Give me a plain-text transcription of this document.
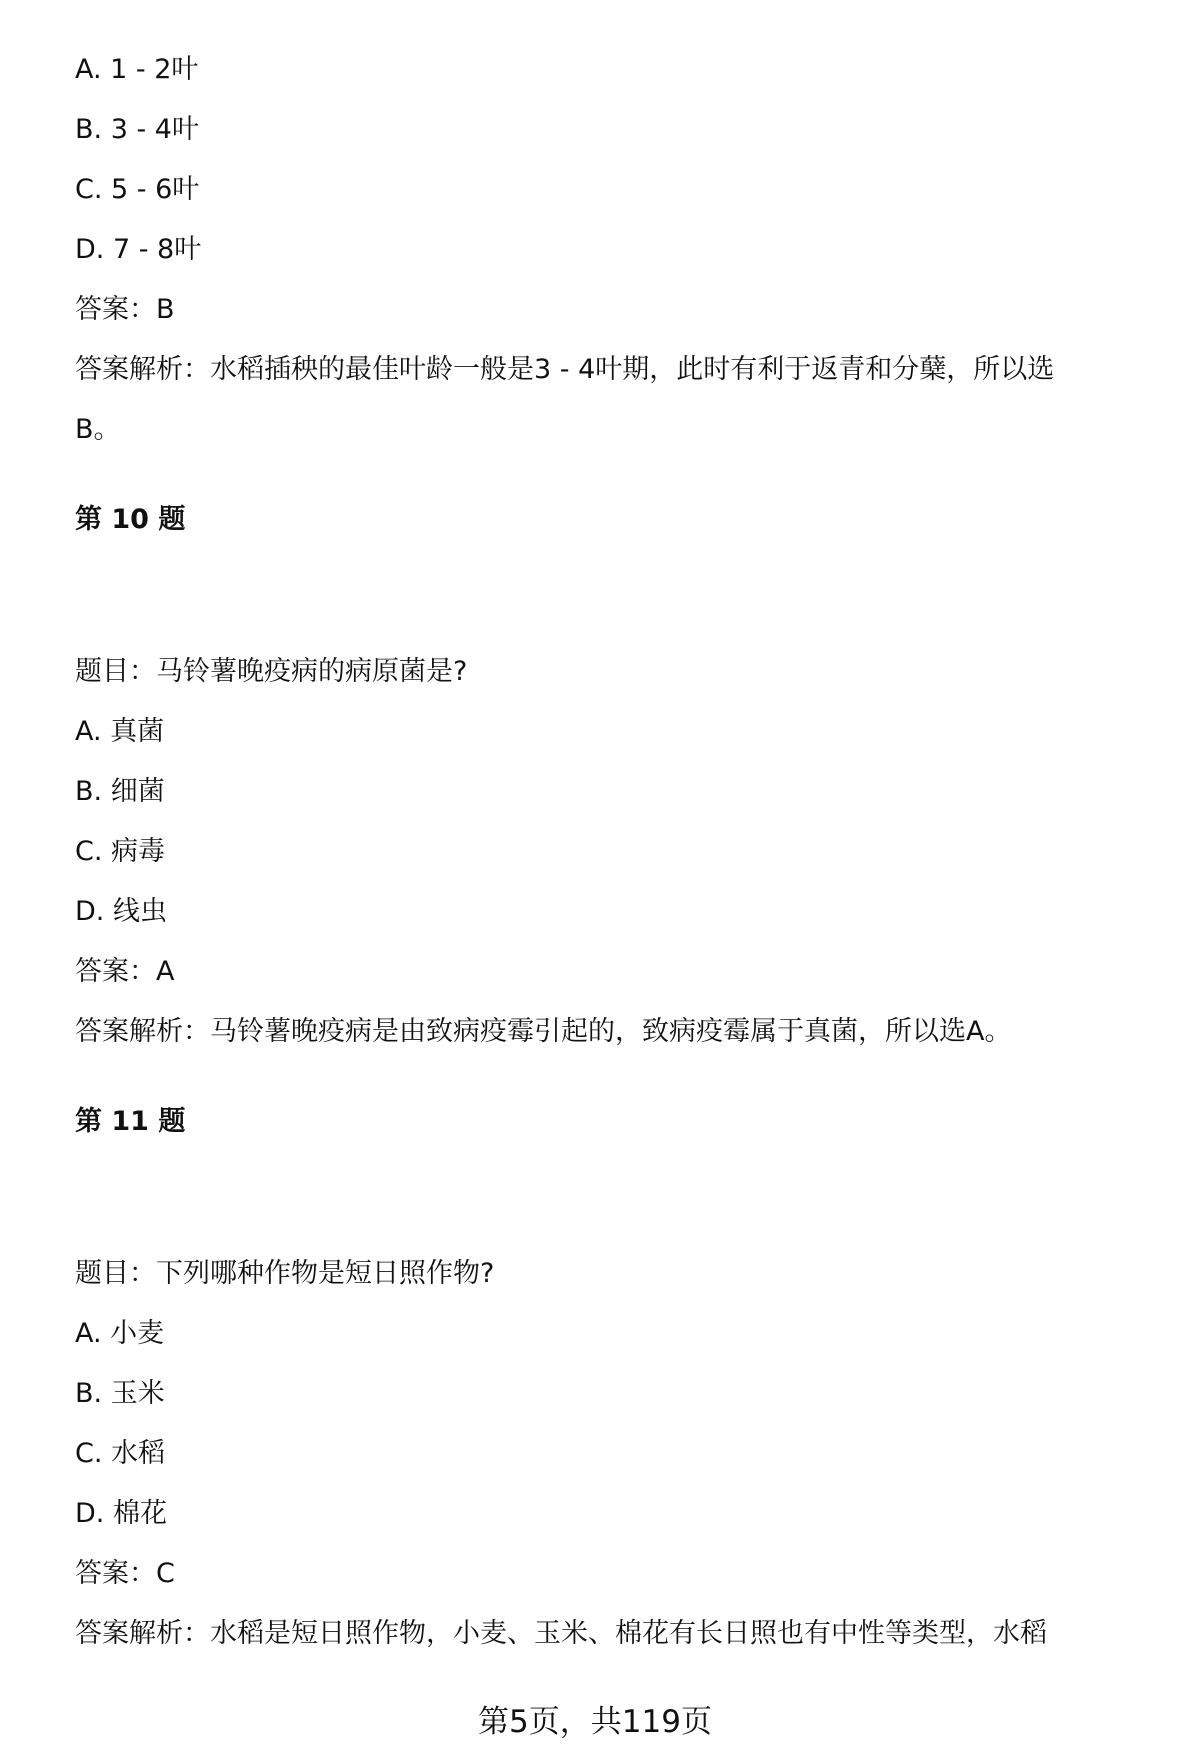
A. 1 - 2叶
B. 3 - 4叶
C. 5 - 6叶
D. 7 - 8叶
答案：B
答案解析：水稻插秧的最佳叶龄一般是3 - 4叶期，此时有利于返青和分蘖，所以选
B。
第 10 题
题目：马铃薯晚疫病的病原菌是?
A. 真菌
B. 细菌
C. 病毒
D. 线虫
答案：A
答案解析：马铃薯晚疫病是由致病疫霉引起的，致病疫霉属于真菌，所以选A。
第 11 题
题目：下列哪种作物是短日照作物?
A. 小麦
B. 玉米
C. 水稻
D. 棉花
答案：C
答案解析：水稻是短日照作物，小麦、玉米、棉花有长日照也有中性等类型，水稻
第5页，共119页
